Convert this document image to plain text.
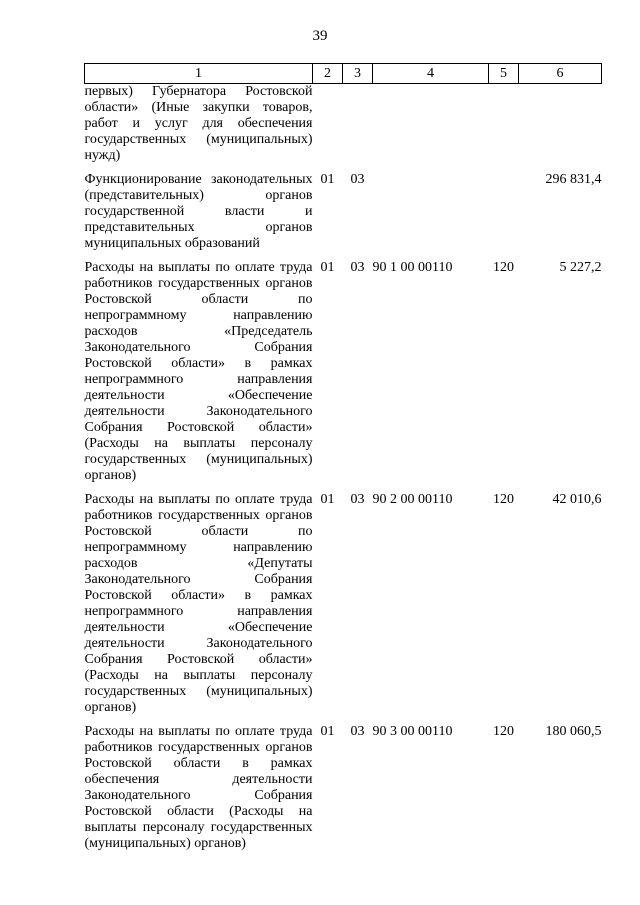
39
1	2	3	4	5	6
первых) Губернатора Ростовской области» (Иные закупки товаров, работ и услуг для обеспечения государственных (муниципальных) нужд)					
Функционирование законодательных (представительных) органов государственной власти и представительных органов муниципальных образований	01	03			296 831,4
Расходы на выплаты по оплате труда работников государственных органов Ростовской области по непрограммному направлению расходов «Председатель Законодательного Собрания Ростовской области» в рамках непрограммного направления деятельности «Обеспечение деятельности Законодательного Собрания Ростовской области» (Расходы на выплаты персоналу государственных (муниципальных) органов)	01	03	90 1 00 00110	120	5 227,2
Расходы на выплаты по оплате труда работников государственных органов Ростовской области по непрограммному направлению расходов «Депутаты Законодательного Собрания Ростовской области» в рамках непрограммного направления деятельности «Обеспечение деятельности Законодательного Собрания Ростовской области» (Расходы на выплаты персоналу государственных (муниципальных) органов)	01	03	90 2 00 00110	120	42 010,6
Расходы на выплаты по оплате труда работников государственных органов Ростовской области в рамках обеспечения деятельности Законодательного Собрания Ростовской области (Расходы на выплаты персоналу государственных (муниципальных) органов)	01	03	90 3 00 00110	120	180 060,5
